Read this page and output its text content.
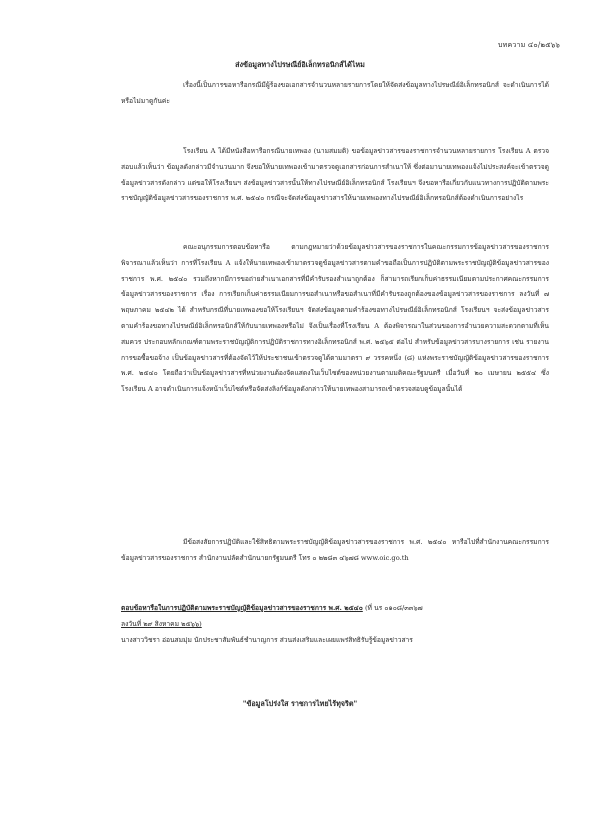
บทความ ๔๐/๒๕๖๖
ส่งข้อมูลทางไปรษณีย์อิเล็กทรอนิกส์ได้ไหม

เรื่องนี้เป็นการขอหารือกรณีมีผู้ร้องขอเอกสารจำนวนหลายรายการโดยให้จัดส่งข้อมูลทางไปรษณีย์อิเล็กทรอนิกส์ จะดำเนินการได้หรือไม่มาดูกันค่ะ

โรงเรียน A ได้มีหนังสือหารือกรณีนายเทพอง (นามสมมติ) ขอข้อมูลข่าวสารของราชการจำนวนหลายรายการ โรงเรียน A ตรวจสอบแล้วเห็นว่า ข้อมูลดังกล่าวมีจำนวนมาก จึงขอให้นายเทพองเข้ามาตรวจดูเอกสารก่อนการสำเนาให้ ซึ่งต่อมานายเทพองแจ้งไม่ประสงค์จะเข้าตรวจดูข้อมูลข่าวสารดังกล่าว แต่ขอให้โรงเรียนฯ ส่งข้อมูลข่าวสารนั้นให้ทางไปรษณีย์อิเล็กทรอนิกส์ โรงเรียนฯ จึงขอหารือเกี่ยวกับแนวทางการปฏิบัติตามพระราชบัญญัติข้อมูลข่าวสารของราชการ พ.ศ. ๒๕๔๐ กรณีจะจัดส่งข้อมูลข่าวสารให้นายเทพองทางไปรษณีย์อิเล็กทรอนิกส์ต้องดำเนินการอย่างไร

คณะอนุกรรมการตอบข้อหารือ ตามกฎหมายว่าด้วยข้อมูลข่าวสารของราชการในคณะกรรมการข้อมูลข่าวสารของราชการพิจารณาแล้วเห็นว่า การที่โรงเรียน A แจ้งให้นายเทพองเข้ามาตรวจดูข้อมูลข่าวสารตามคำขอถือเป็นการปฏิบัติตามพระราชบัญญัติข้อมูลข่าวสารของราชการ พ.ศ. ๒๕๔๐ รวมถึงหากมีการขอถ่ายสำเนาเอกสารที่มีคำรับรองสำเนาถูกต้อง ก็สามารถเรียกเก็บค่าธรรมเนียมตามประกาศคณะกรรมการข้อมูลข่าวสารของราชการ เรื่อง การเรียกเก็บค่าธรรมเนียมการขอสำเนาหรือขอสำเนาที่มีคำรับรองถูกต้องของข้อมูลข่าวสารของราชการ ลงวันที่ ๗ พฤษภาคม ๒๕๔๒ ได้ สำหรับกรณีที่นายเทพองขอให้โรงเรียนฯ จัดส่งข้อมูลตามคำร้องขอทางไปรษณีย์อิเล็กทรอนิกส์ โรงเรียนฯ จะส่งข้อมูลข่าวสารตามคำร้องขอทางไปรษณีย์อิเล็กทรอนิกส์ให้กับนายเทพองหรือไม่ จึงเป็นเรื่องที่โรงเรียน A ต้องพิจารณาในส่วนของการอำนวยความสะดวกตามที่เห็นสมควร ประกอบหลักเกณฑ์ตามพระราชบัญญัติการปฏิบัติราชการทางอิเล็กทรอนิกส์ พ.ศ. ๒๕๖๕ ต่อไป สำหรับข้อมูลข่าวสารบางรายการ เช่น รายงานการขอซื้อขอจ้าง เป็นข้อมูลข่าวสารที่ต้องจัดไว้ให้ประชาชนเข้าตรวจดูได้ตามมาตรา ๙ วรรคหนึ่ง (๘) แห่งพระราชบัญญัติข้อมูลข่าวสารของราชการ พ.ศ. ๒๕๔๐ โดยถือว่าเป็นข้อมูลข่าวสารที่หน่วยงานต้องจัดแสดงในเว็บไซต์ของหน่วยงานตามมติคณะรัฐมนตรี เมื่อวันที่ ๒๐ เมษายน ๒๕๕๔ ซึ่งโรงเรียน A อาจดำเนินการแจ้งหน้าเว็บไซต์หรือจัดส่งลิงก์ข้อมูลดังกล่าวให้นายเทพองสามารถเข้าตรวจสอบดูข้อมูลนั้นได้

มีข้อสงสัยการปฏิบัติและใช้สิทธิตามพระราชบัญญัติข้อมูลข่าวสารของราชการ พ.ศ. ๒๕๔๐ หารือไปที่สำนักงานคณะกรรมการข้อมูลข่าวสารของราชการ สำนักงานปลัดสำนักนายกรัฐมนตรี โทร ๐ ๒๒๘๓ ๔๖๗๘ www.oic.go.th

ตอบข้อหารือในการปฏิบัติตามพระราชบัญญัติข้อมูลข่าวสารของราชการ พ.ศ. ๒๕๔๐ (ที่ นร ๐๑๐๘/๓๓๖๗
ลงวันที่ ๒๙ สิงหาคม ๒๕๖๖)
นางสาววิชรา อ่อนสมมุ่ม นักประชาสัมพันธ์ชำนาญการ ส่วนส่งเสริมและเผยแพร่สิทธิรับรู้ข้อมูลข่าวสาร
"ข้อมูลโปร่งใส ราชการไทยไร้ทุจริต"
